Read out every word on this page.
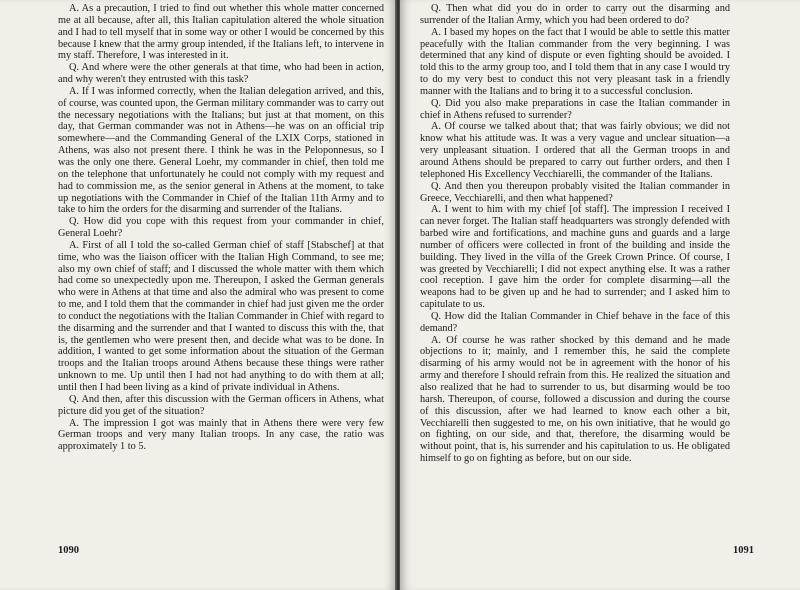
A. As a precaution, I tried to find out whether this whole matter concerned me at all because, after all, this Italian capitulation altered the whole situation and I had to tell myself that in some way or other I would be concerned by this because I knew that the army group intended, if the Italians left, to intervene in my staff. Therefore, I was interested in it.

Q. And where were the other generals at that time, who had been in action, and why weren't they entrusted with this task?

A. If I was informed correctly, when the Italian delegation arrived, and this, of course, was counted upon, the German military commander was to carry out the necessary negotiations with the Italians; but just at that moment, on this day, that German commander was not in Athens—he was on an official trip somewhere—and the Commanding General of the LXIX Corps, stationed in Athens, was also not present there. I think he was in the Peloponnesus, so I was the only one there. General Loehr, my commander in chief, then told me on the telephone that unfortunately he could not comply with my request and had to commission me, as the senior general in Athens at the moment, to take up negotiations with the Commander in Chief of the Italian 11th Army and to take to him the orders for the disarming and surrender of the Italians.

Q. How did you cope with this request from your commander in chief, General Loehr?

A. First of all I told the so-called German chief of staff [Stabschef] at that time, who was the liaison officer with the Italian High Command, to see me; also my own chief of staff; and I discussed the whole matter with them which had come so unexpectedly upon me. Thereupon, I asked the German generals who were in Athens at that time and also the admiral who was present to come to me, and I told them that the commander in chief had just given me the order to conduct the negotiations with the Italian Commander in Chief with regard to the disarming and the surrender and that I wanted to discuss this with the, that is, the gentlemen who were present then, and decide what was to be done. In addition, I wanted to get some information about the situation of the German troops and the Italian troops around Athens because these things were rather unknown to me. Up until then I had not had anything to do with them at all; until then I had been living as a kind of private individual in Athens.

Q. And then, after this discussion with the German officers in Athens, what picture did you get of the situation?

A. The impression I got was mainly that in Athens there were very few German troops and very many Italian troops. In any case, the ratio was approximately 1 to 5.

1090

Q. Then what did you do in order to carry out the disarming and surrender of the Italian Army, which you had been ordered to do?

A. I based my hopes on the fact that I would be able to settle this matter peacefully with the Italian commander from the very beginning. I was determined that any kind of dispute or even fighting should be avoided. I told this to the army group too, and I told them that in any case I would try to do my very best to conduct this not very pleasant task in a friendly manner with the Italians and to bring it to a successful conclusion.

Q. Did you also make preparations in case the Italian commander in chief in Athens refused to surrender?

A. Of course we talked about that; that was fairly obvious; we did not know what his attitude was. It was a very vague and unclear situation—a very unpleasant situation. I ordered that all the German troops in and around Athens should be prepared to carry out further orders, and then I telephoned His Excellency Vecchiarelli, the commander of the Italians.

Q. And then you thereupon probably visited the Italian commander in Greece, Vecchiarelli, and then what happened?

A. I went to him with my chief [of staff]. The impression I received I can never forget. The Italian staff headquarters was strongly defended with barbed wire and fortifications, and machine guns and guards and a large number of officers were collected in front of the building and inside the building. They lived in the villa of the Greek Crown Prince. Of course, I was greeted by Vecchiarelli; I did not expect anything else. It was a rather cool reception. I gave him the order for complete disarming—all the weapons had to be given up and he had to surrender; and I asked him to capitulate to us.

Q. How did the Italian Commander in Chief behave in the face of this demand?

A. Of course he was rather shocked by this demand and he made objections to it; mainly, and I remember this, he said the complete disarming of his army would not be in agreement with the honor of his army and therefore I should refrain from this. He realized the situation and also realized that he had to surrender to us, but disarming would be too harsh. Thereupon, of course, followed a discussion and during the course of this discussion, after we had learned to know each other a bit, Vecchiarelli then suggested to me, on his own initiative, that he would go on fighting, on our side, and that, therefore, the disarming would be without point, that is, his surrender and his capitulation to us. He obligated himself to go on fighting as before, but on our side.

1091
